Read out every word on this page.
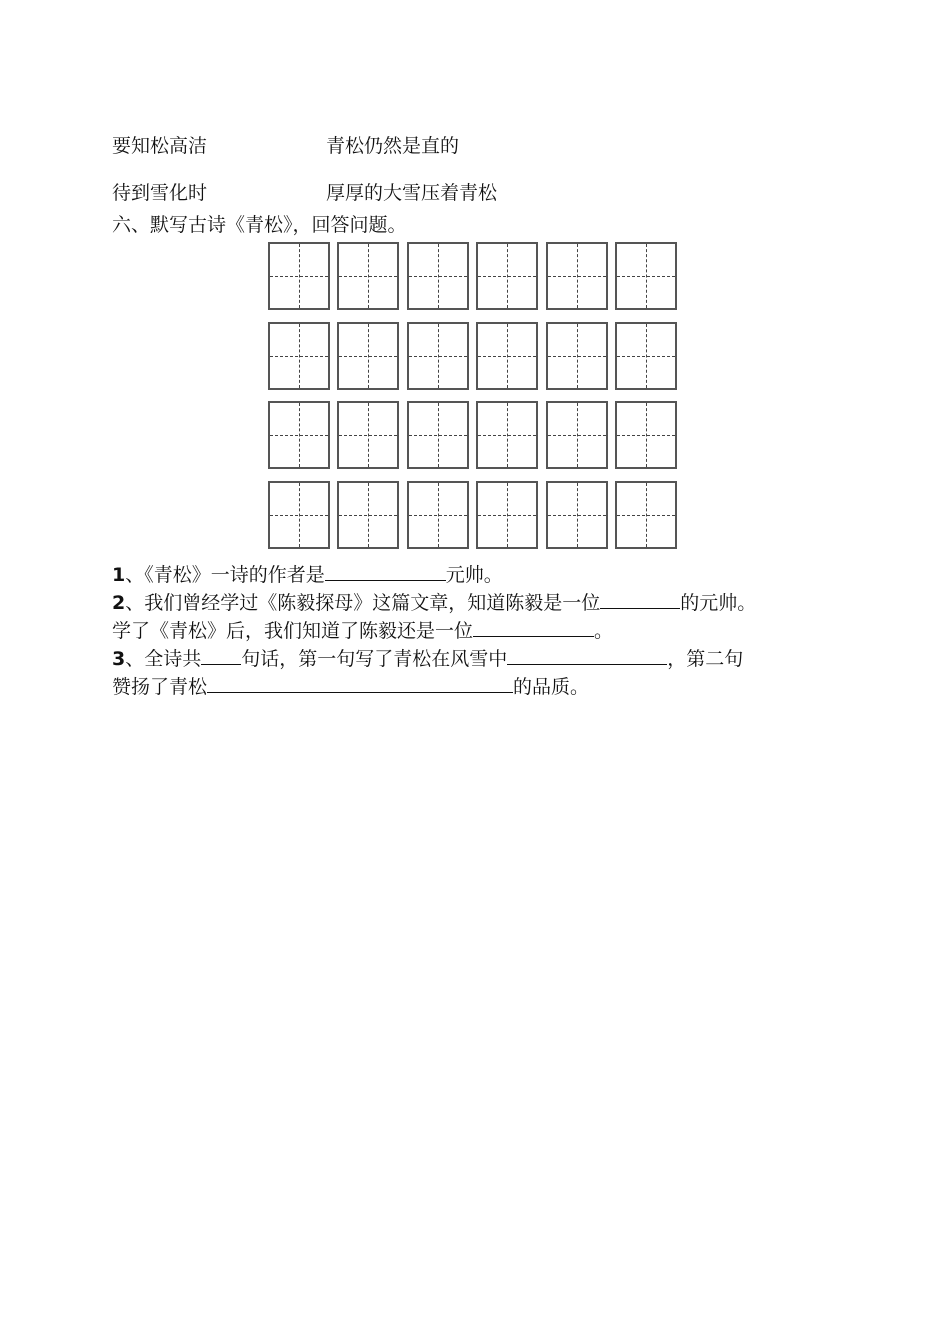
要知松高洁	青松仍然是直的
待到雪化时	厚厚的大雪压着青松
六、默写古诗《青松》，回答问题。
1、《青松》一诗的作者是	元帅。
2、我们曾经学过《陈毅探母》这篇文章，知道陈毅是一位	的元帅。
学了《青松》后，我们知道了陈毅还是一位	。
3、全诗共 句话，第一句写了青松在风雪中	，第二句
赞扬了青松	的品质。
